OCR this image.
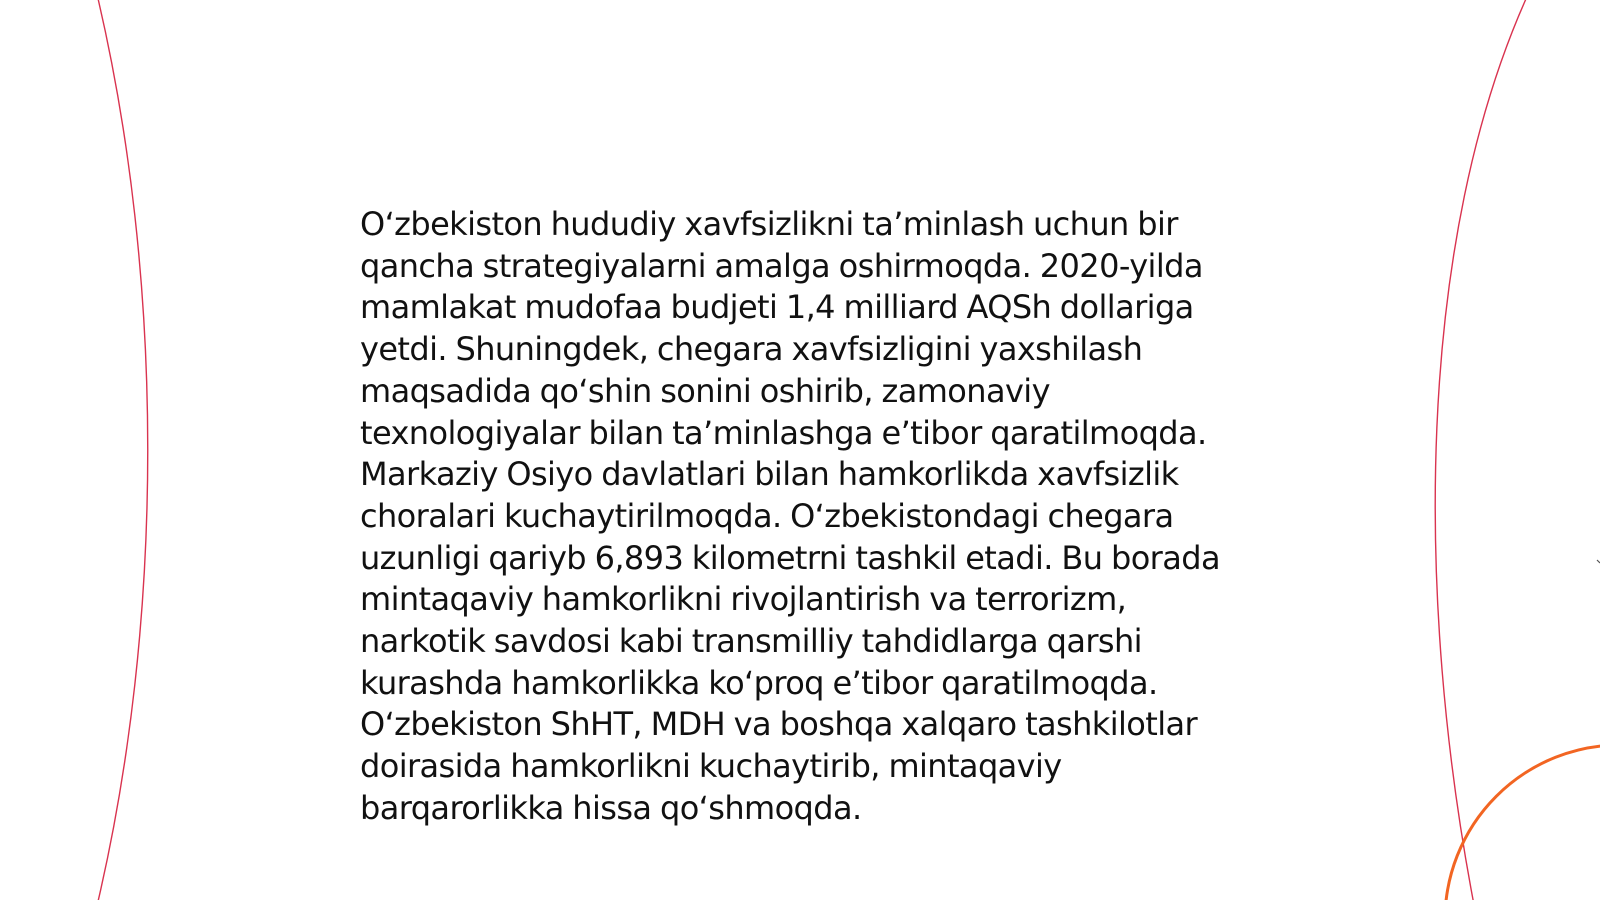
O‘zbekiston hududiy xavfsizlikni ta’minlash uchun bir qancha strategiyalarni amalga oshirmoqda. 2020-yilda mamlakat mudofaa budjeti 1,4 milliard AQSh dollariga yetdi. Shuningdek, chegara xavfsizligini yaxshilash maqsadida qo‘shin sonini oshirib, zamonaviy texnologiyalar bilan ta’minlashga e’tibor qaratilmoqda. Markaziy Osiyo davlatlari bilan hamkorlikda xavfsizlik choralari kuchaytirilmoqda. O‘zbekistondagi chegara uzunligi qariyb 6,893 kilometrni tashkil etadi. Bu borada mintaqaviy hamkorlikni rivojlantirish va terrorizm, narkotik savdosi kabi transmilliy tahdidlarga qarshi kurashda hamkorlikka ko‘proq e’tibor qaratilmoqda. O‘zbekiston ShHT, MDH va boshqa xalqaro tashkilotlar doirasida hamkorlikni kuchaytirib, mintaqaviy barqarorlikka hissa qo‘shmoqda.
